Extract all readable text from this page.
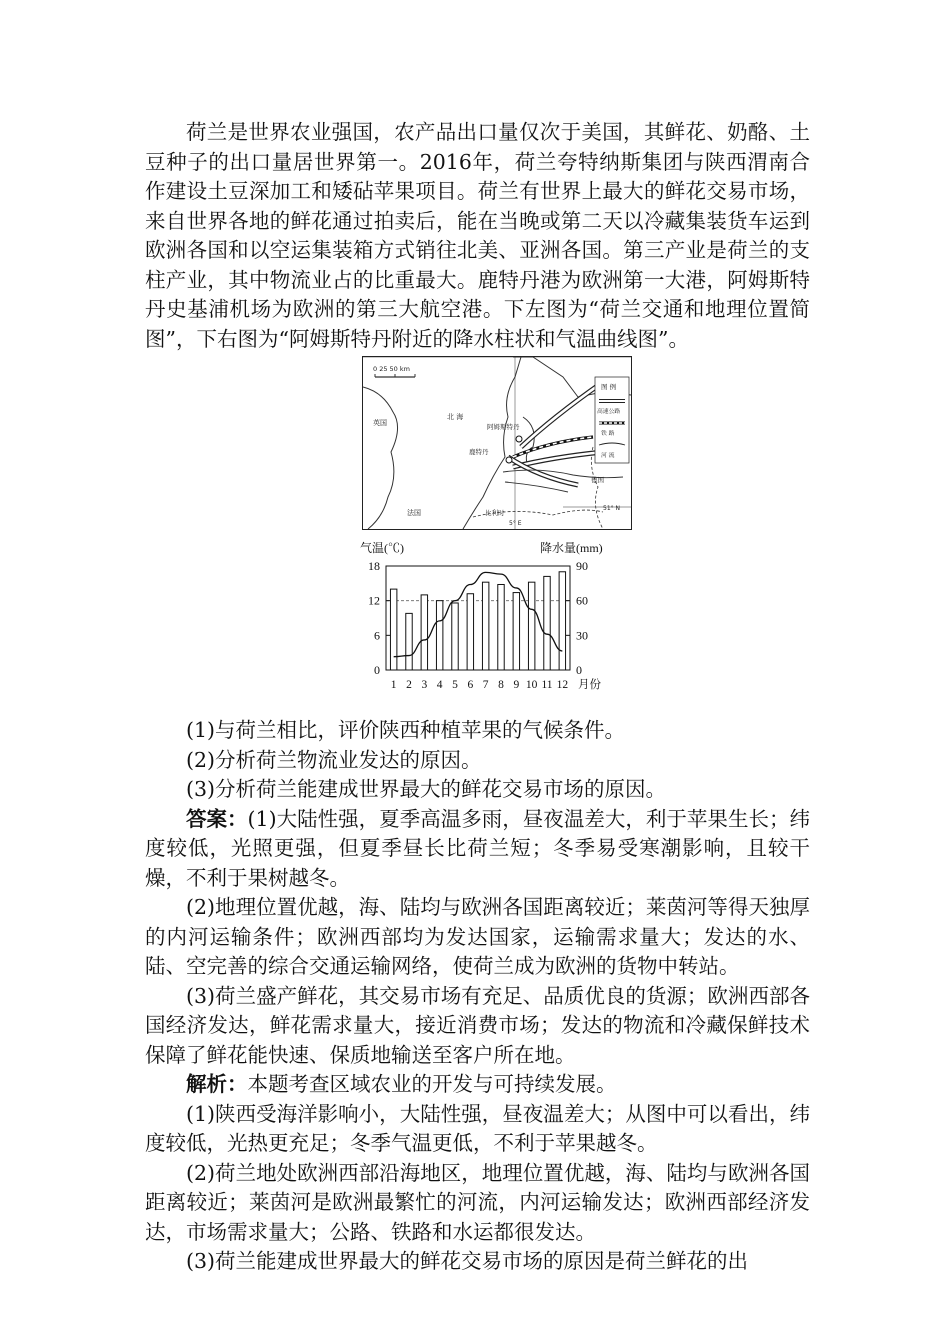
荷兰是世界农业强国，农产品出口量仅次于美国，其鲜花、奶酪、土豆种子的出口量居世界第一。2016年，荷兰夸特纳斯集团与陕西渭南合作建设土豆深加工和矮砧苹果项目。荷兰有世界上最大的鲜花交易市场，来自世界各地的鲜花通过拍卖后，能在当晚或第二天以冷藏集装货车运到欧洲各国和以空运集装箱方式销往北美、亚洲各国。第三产业是荷兰的支柱产业，其中物流业占的比重最大。鹿特丹港为欧洲第一大港，阿姆斯特丹史基浦机场为欧洲的第三大航空港。下左图为“荷兰交通和地理位置简图”，下右图为“阿姆斯特丹附近的降水柱状和气温曲线图”。

0 25 50 km
英国
北 海
阿姆斯特丹
鹿特丹
德国
法国	比利时
51° N
5° E
图 例
高速公路
铁 路
河 流
气温(℃)	降水量(mm)
0
6
12
18
0
30
60
90
1 2 3 4 5 6 7 8 9 10 11 12 月份

(1)与荷兰相比，评价陕西种植苹果的气候条件。

(2)分析荷兰物流业发达的原因。

(3)分析荷兰能建成世界最大的鲜花交易市场的原因。

答案：(1)大陆性强，夏季高温多雨，昼夜温差大，利于苹果生长；纬度较低，光照更强，但夏季昼长比荷兰短；冬季易受寒潮影响，且较干燥，不利于果树越冬。

(2)地理位置优越，海、陆均与欧洲各国距离较近；莱茵河等得天独厚的内河运输条件；欧洲西部均为发达国家，运输需求量大；发达的水、陆、空完善的综合交通运输网络，使荷兰成为欧洲的货物中转站。

(3)荷兰盛产鲜花，其交易市场有充足、品质优良的货源；欧洲西部各国经济发达，鲜花需求量大，接近消费市场；发达的物流和冷藏保鲜技术保障了鲜花能快速、保质地输送至客户所在地。

解析：本题考查区域农业的开发与可持续发展。

(1)陕西受海洋影响小，大陆性强，昼夜温差大；从图中可以看出，纬度较低，光热更充足；冬季气温更低，不利于苹果越冬。

(2)荷兰地处欧洲西部沿海地区，地理位置优越，海、陆均与欧洲各国距离较近；莱茵河是欧洲最繁忙的河流，内河运输发达；欧洲西部经济发达，市场需求量大；公路、铁路和水运都很发达。

(3)荷兰能建成世界最大的鲜花交易市场的原因是荷兰鲜花的出
